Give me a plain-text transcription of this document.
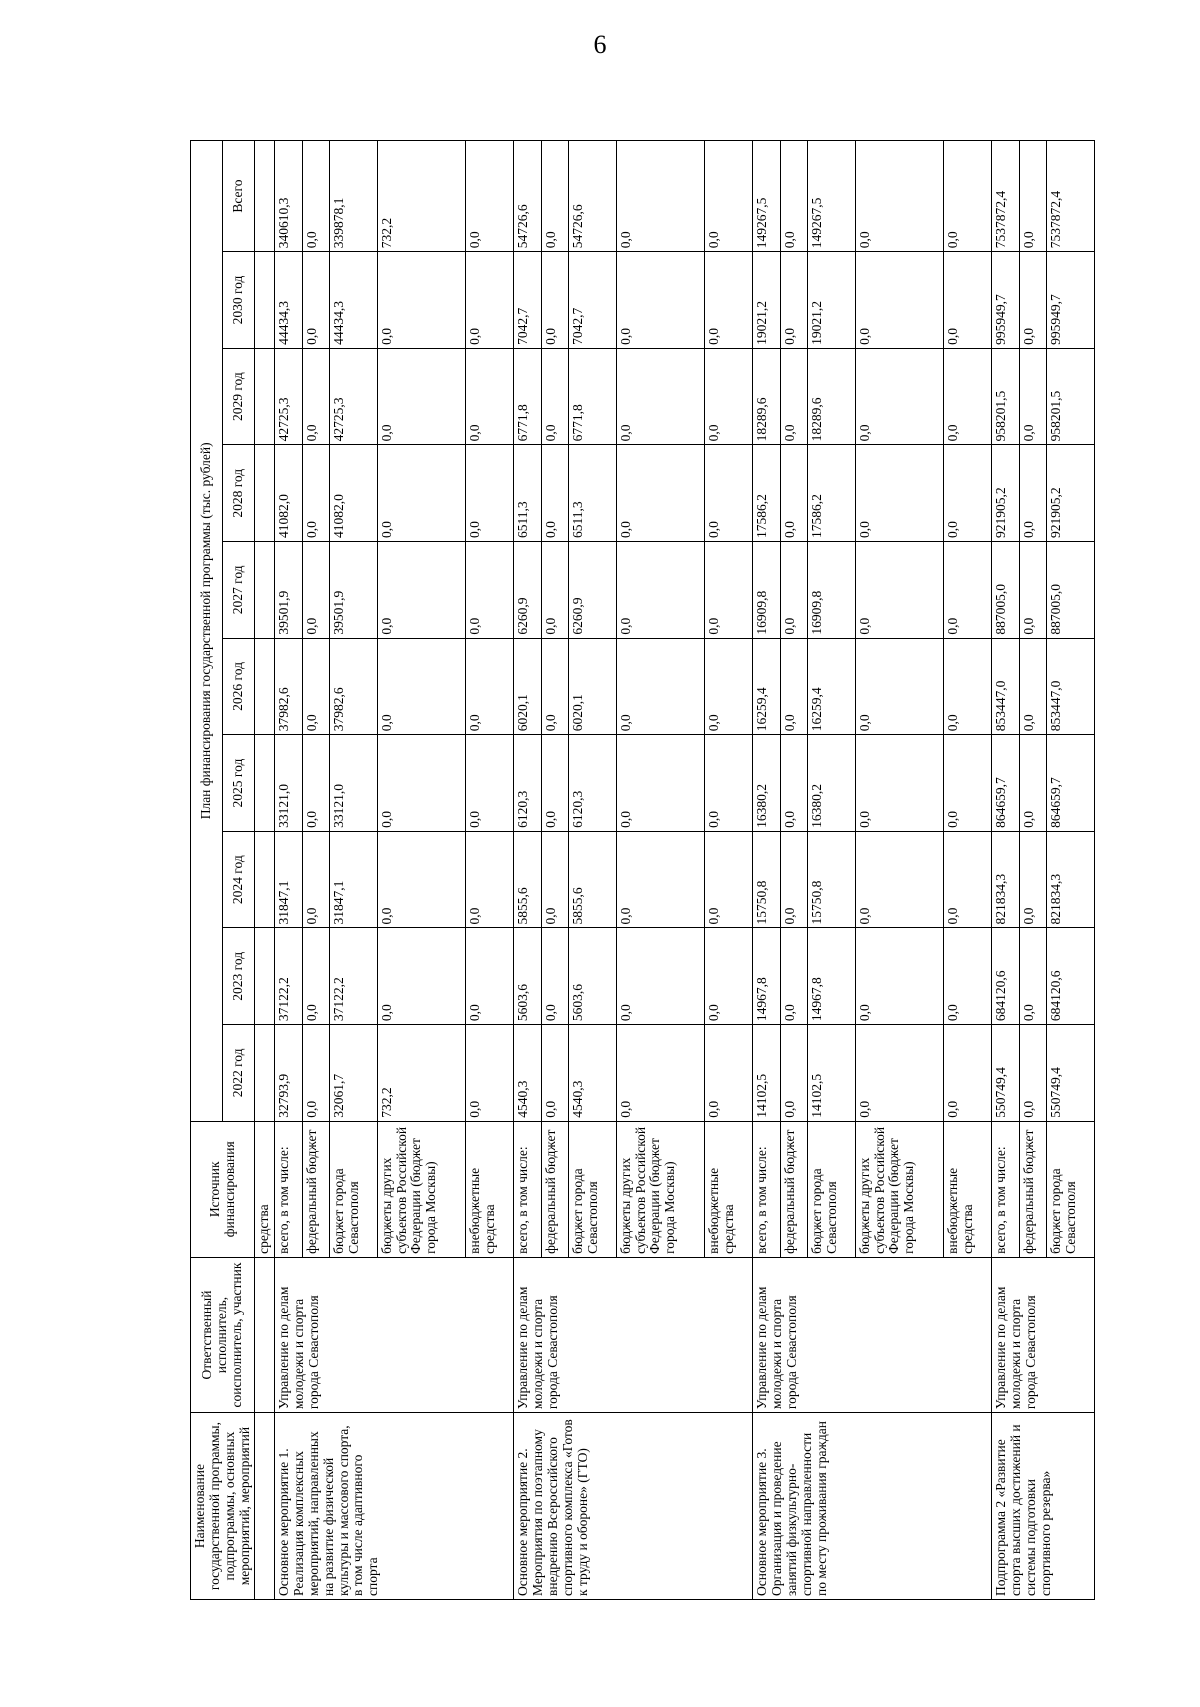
6
Наименование государственной программы, подпрограммы, основных мероприятий, мероприятий	Ответственный исполнитель, соисполнитель, участник	Источник финансирования	План финансирования государственной программы (тыс. рублей)									
			2022 год	2023 год	2024 год	2025 год	2026 год	2027 год	2028 год	2029 год	2030 год	Всего
		средства										
Основное мероприятие 1. Реализация комплексных мероприятий, направленных на развитие физической культуры и массового спорта, в том числе адаптивного спорта	Управление по делам молодежи и спорта города Севастополя	всего, в том числе:	32793,9	37122,2	31847,1	33121,0	37982,6	39501,9	41082,0	42725,3	44434,3	340610,3
		федеральный бюджет	0,0	0,0	0,0	0,0	0,0	0,0	0,0	0,0	0,0	0,0
		бюджет города Севастополя	32061,7	37122,2	31847,1	33121,0	37982,6	39501,9	41082,0	42725,3	44434,3	339878,1
		бюджеты других субъектов Российской Федерации (бюджет города Москвы)	732,2	0,0	0,0	0,0	0,0	0,0	0,0	0,0	0,0	732,2
		внебюджетные средства	0,0	0,0	0,0	0,0	0,0	0,0	0,0	0,0	0,0	0,0
Основное мероприятие 2. Мероприятия по поэтапному внедрению Всероссийского спортивного комплекса «Готов к труду и обороне» (ГТО)	Управление по делам молодежи и спорта города Севастополя	всего, в том числе:	4540,3	5603,6	5855,6	6120,3	6020,1	6260,9	6511,3	6771,8	7042,7	54726,6
		федеральный бюджет	0,0	0,0	0,0	0,0	0,0	0,0	0,0	0,0	0,0	0,0
		бюджет города Севастополя	4540,3	5603,6	5855,6	6120,3	6020,1	6260,9	6511,3	6771,8	7042,7	54726,6
		бюджеты других субъектов Российской Федерации (бюджет города Москвы)	0,0	0,0	0,0	0,0	0,0	0,0	0,0	0,0	0,0	0,0
		внебюджетные средства	0,0	0,0	0,0	0,0	0,0	0,0	0,0	0,0	0,0	0,0
Основное мероприятие 3. Организация и проведение занятий физкультурно-спортивной направленности по месту проживания граждан	Управление по делам молодежи и спорта города Севастополя	всего, в том числе:	14102,5	14967,8	15750,8	16380,2	16259,4	16909,8	17586,2	18289,6	19021,2	149267,5
		федеральный бюджет	0,0	0,0	0,0	0,0	0,0	0,0	0,0	0,0	0,0	0,0
		бюджет города Севастополя	14102,5	14967,8	15750,8	16380,2	16259,4	16909,8	17586,2	18289,6	19021,2	149267,5
		бюджеты других субъектов Российской Федерации (бюджет города Москвы)	0,0	0,0	0,0	0,0	0,0	0,0	0,0	0,0	0,0	0,0
		внебюджетные средства	0,0	0,0	0,0	0,0	0,0	0,0	0,0	0,0	0,0	0,0
Подпрограмма 2 «Развитие спорта высших достижений и системы подготовки спортивного резерва»	Управление по делам молодежи и спорта города Севастополя	всего, в том числе:	550749,4	684120,6	821834,3	864659,7	853447,0	887005,0	921905,2	958201,5	995949,7	7537872,4
		федеральный бюджет	0,0	0,0	0,0	0,0	0,0	0,0	0,0	0,0	0,0	0,0
		бюджет города Севастополя	550749,4	684120,6	821834,3	864659,7	853447,0	887005,0	921905,2	958201,5	995949,7	7537872,4
